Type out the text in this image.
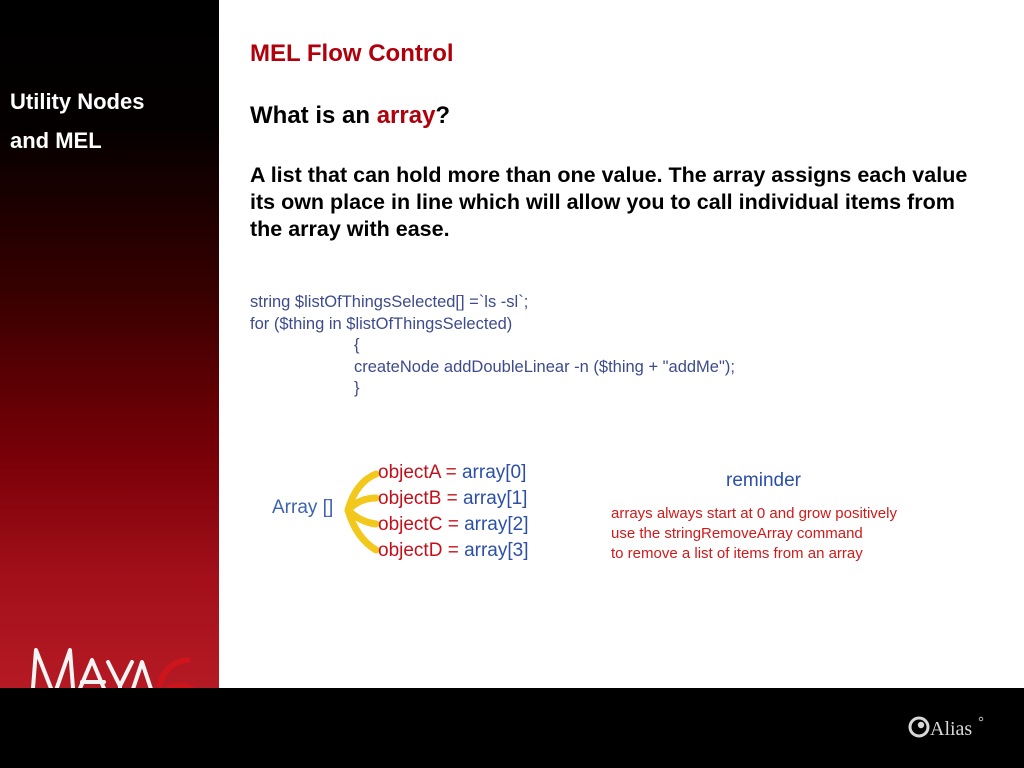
Utility Nodes
and MEL
Alias
MEL Flow Control
What is an array?
A list that can hold more than one value. The array assigns each value its own place in line which will allow you to call individual items from the array with ease.
string $listOfThingsSelected[] =`ls -sl`;
for ($thing in $listOfThingsSelected)
{
createNode addDoubleLinear -n ($thing + "addMe");
}
Array []
objectA = array[0]
objectB = array[1]
objectC = array[2]
objectD = array[3]
reminder
arrays always start at 0 and grow positively
use the stringRemoveArray command
to remove a list of items from an array
